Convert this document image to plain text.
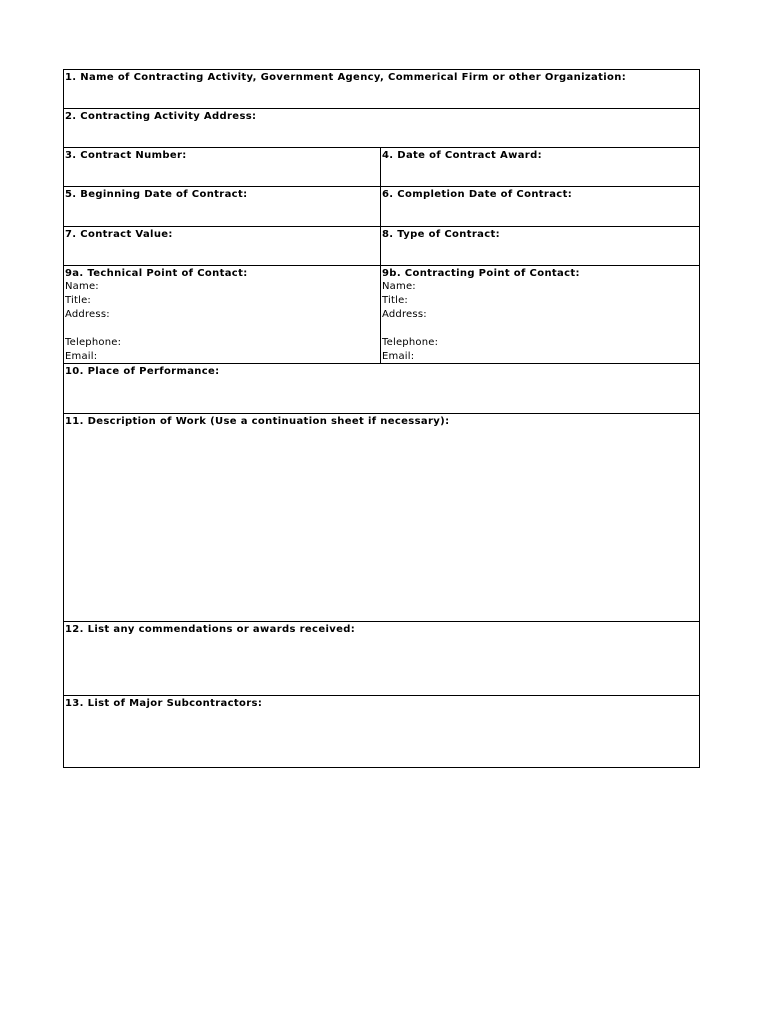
1. Name of Contracting Activity, Government Agency, Commerical Firm or other Organization:
2. Contracting Activity Address:
3. Contract Number:	4. Date of Contract Award:
5. Beginning Date of Contract:	6. Completion Date of Contract:
7. Contract Value:	8. Type of Contract:
9a. Technical Point of Contact:
Name:
Title:
Address:
Telephone:
Email:
9b. Contracting Point of Contact:
Name:
Title:
Address:
Telephone:
Email:
10. Place of Performance:
11. Description of Work (Use a continuation sheet if necessary):
12. List any commendations or awards received:
13. List of Major Subcontractors:
